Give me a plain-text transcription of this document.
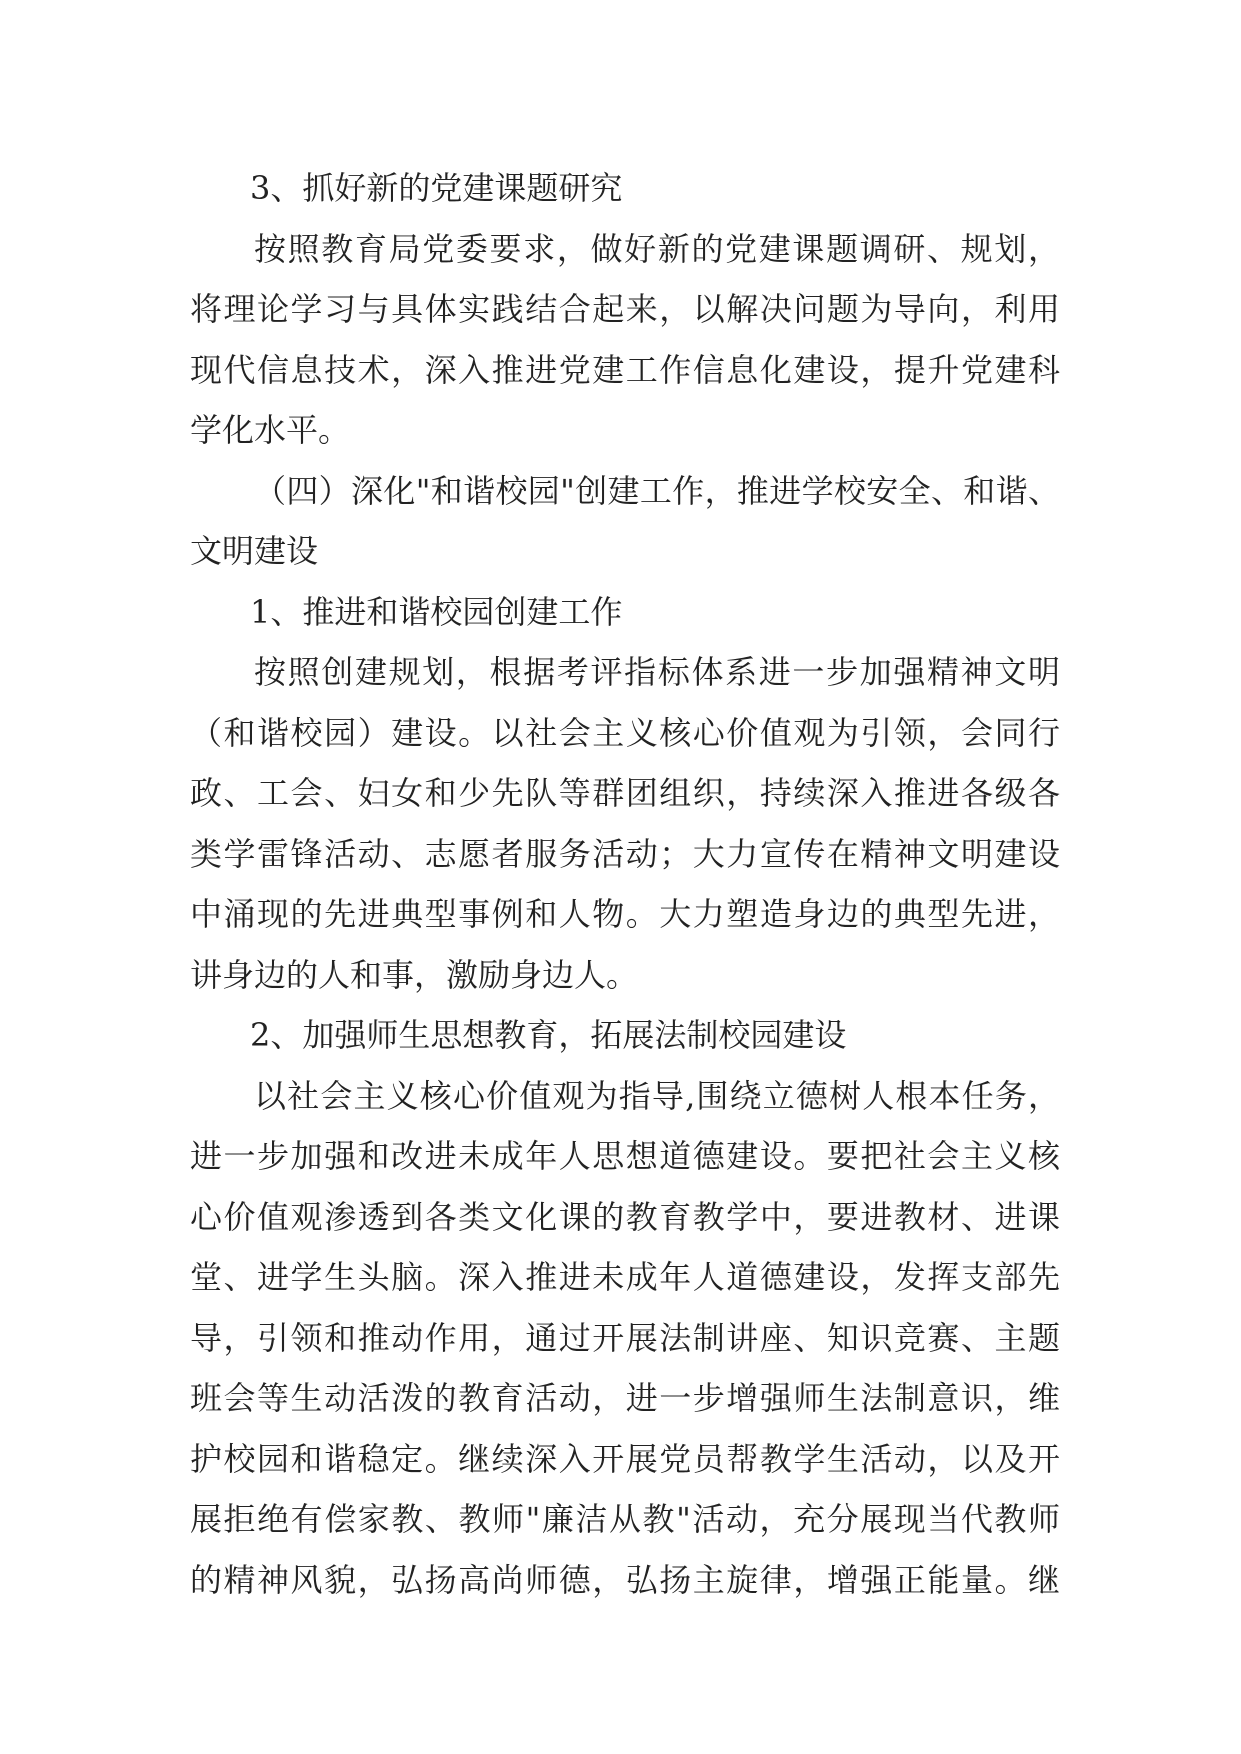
3、抓好新的党建课题研究
按照教育局党委要求，做好新的党建课题调研、规划，
将理论学习与具体实践结合起来，以解决问题为导向，利用
现代信息技术，深入推进党建工作信息化建设，提升党建科
学化水平。
（四）深化"和谐校园"创建工作，推进学校安全、和谐、
文明建设
1、推进和谐校园创建工作
按照创建规划，根据考评指标体系进一步加强精神文明
（和谐校园）建设。以社会主义核心价值观为引领，会同行
政、工会、妇女和少先队等群团组织，持续深入推进各级各
类学雷锋活动、志愿者服务活动；大力宣传在精神文明建设
中涌现的先进典型事例和人物。大力塑造身边的典型先进，
讲身边的人和事，激励身边人。
2、加强师生思想教育，拓展法制校园建设
以社会主义核心价值观为指导,围绕立德树人根本任务，
进一步加强和改进未成年人思想道德建设。要把社会主义核
心价值观渗透到各类文化课的教育教学中，要进教材、进课
堂、进学生头脑。深入推进未成年人道德建设，发挥支部先
导，引领和推动作用，通过开展法制讲座、知识竞赛、主题
班会等生动活泼的教育活动，进一步增强师生法制意识，维
护校园和谐稳定。继续深入开展党员帮教学生活动，以及开
展拒绝有偿家教、教师"廉洁从教"活动，充分展现当代教师
的精神风貌，弘扬高尚师德，弘扬主旋律，增强正能量。继
